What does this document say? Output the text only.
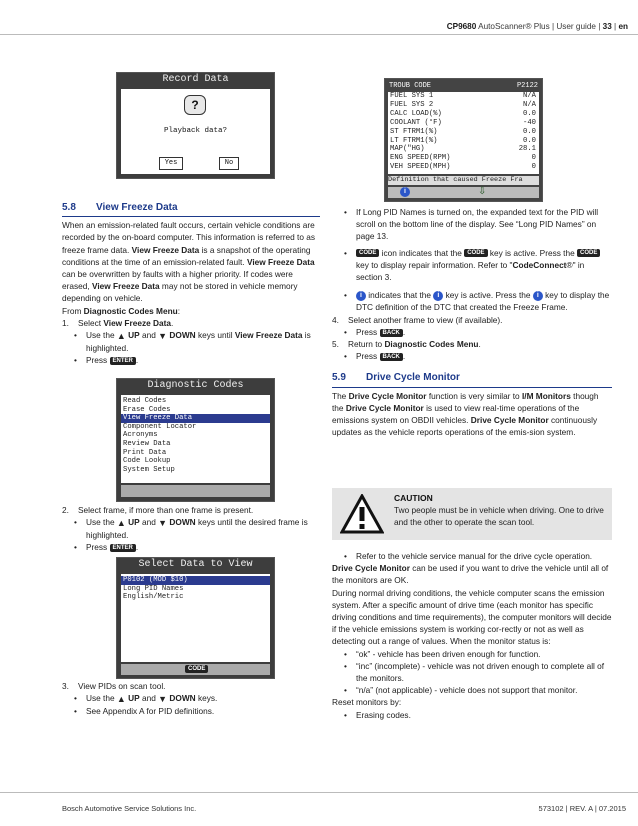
CP9680 AutoScanner® Plus | User guide | 33 | en
Record Data
?
Playback data?
Yes	No
TROUB CODE	P2122
FUEL SYS 1	N/A
FUEL SYS 2	N/A
CALC LOAD(%)	0.0
COOLANT (°F)	-40
ST FTRM1(%)	0.0
LT FTRM1(%)	0.0
MAP("HG)	28.1
ENG SPEED(RPM)	0
VEH SPEED(MPH)	0
Definition that caused Freeze Fra
i	⇩
5.8 View Freeze Data

When an emission-related fault occurs, certain vehicle conditions are recorded by the on-board computer. This information is referred to as freeze frame data. View Freeze Data is a snapshot of the operating conditions at the time of an emission-related fault. View Freeze Data can be overwritten by faults with a higher priority. If codes were erased, View Freeze Data may not be stored in vehicle memory depending on vehicle.

From Diagnostic Codes Menu:

1. Select View Freeze Data.
• Use the ▲ UP and ▼ DOWN keys until View Freeze Data is highlighted.
• Press ENTER .
Diagnostic Codes
Read Codes
Erase Codes
View Freeze Data
Component Locator
Acronyms
Review Data
Print Data
Code Lookup
System Setup
2. Select frame, if more than one frame is present.
• Use the ▲ UP and ▼ DOWN keys until the desired frame is highlighted.
• Press ENTER .
Select Data to View
P0102 (MOD $10)
Long PID Names
English/Metric
CODE
3. View PIDs on scan tool.
• Use the ▲ UP and ▼ DOWN keys.
• See Appendix A for PID definitions.
• If Long PID Names is turned on, the expanded text for the PID will scroll on the bottom line of the display. See “Long PID Names” on page 13.
• CODE icon indicates that the CODE key is active. Press the CODE key to display repair information. Refer to "CodeConnect®" in section 3.
• i indicates that the i key is active. Press the i key to display the DTC definition of the DTC that created the Freeze Frame.
4. Select another frame to view (if available).
• Press BACK .
5. Return to Diagnostic Codes Menu.
• Press BACK .
5.9 Drive Cycle Monitor

The Drive Cycle Monitor function is very similar to I/M Monitors though the Drive Cycle Monitor is used to view real-time operations of the emissions system on OBDII vehicles. Drive Cycle Monitor continuously updates as the vehicle reports operations of the emis-sion system.

CAUTION
Two people must be in vehicle when driving. One to drive and the other to operate the scan tool.
• Refer to the vehicle service manual for the drive cycle operation.

Drive Cycle Monitor can be used if you want to drive the vehicle until all of the monitors are OK.

During normal driving conditions, the vehicle computer scans the emission system. After a specific amount of drive time (each monitor has specific driving conditions and time requirements), the computer monitors will decide if the vehicle emissions system is working cor-rectly or not as well as detecting out a range of values. When the monitor status is:

• “ok” - vehicle has been driven enough for function.
• “inc” (incomplete) - vehicle was not driven enough to complete all of the monitors.
• “n/a” (not applicable) - vehicle does not support that monitor.

Reset monitors by:

• Erasing codes.
Bosch Automotive Service Solutions Inc.	573102 | REV. A | 07.2015
